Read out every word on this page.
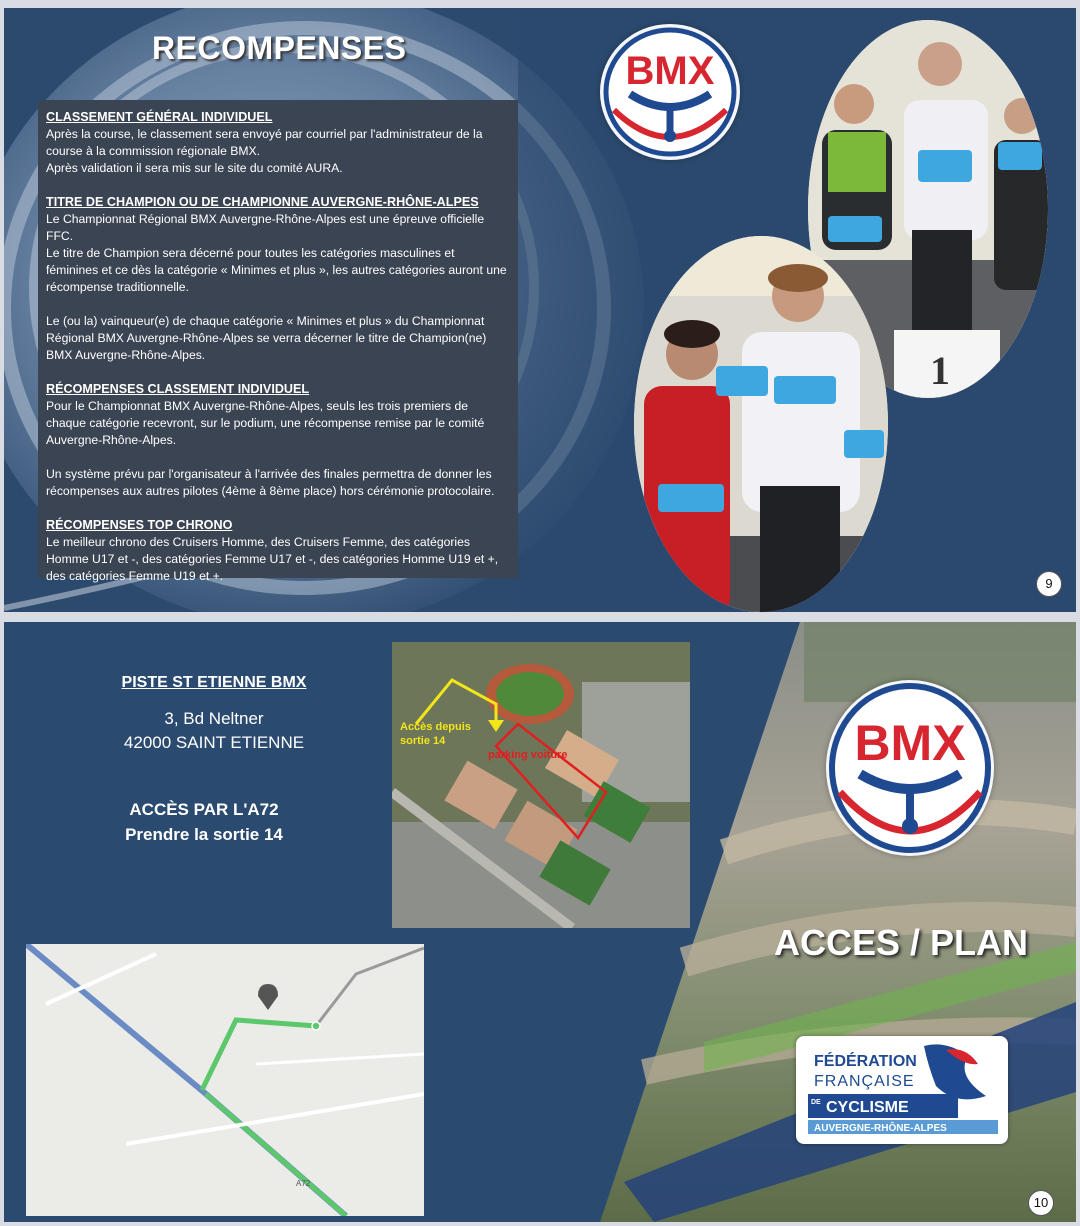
RECOMPENSES
CLASSEMENT GÉNÉRAL INDIVIDUEL

Après la course, le classement sera envoyé par courriel par l'administrateur de la course à la commission régionale BMX.

Après validation il sera mis sur le site du comité AURA.

TITRE DE CHAMPION OU DE CHAMPIONNE AUVERGNE-RHÔNE-ALPES

Le Championnat Régional BMX Auvergne-Rhône-Alpes est une épreuve officielle FFC.

Le titre de Champion sera décerné pour toutes les catégories masculines et féminines et ce dès la catégorie « Minimes et plus », les autres catégories auront une récompense traditionnelle.

Le (ou la) vainqueur(e) de chaque catégorie « Minimes et plus » du Championnat Régional BMX Auvergne-Rhône-Alpes se verra décerner le titre de Champion(ne) BMX Auvergne-Rhône-Alpes.

RÉCOMPENSES CLASSEMENT INDIVIDUEL

Pour le Championnat BMX Auvergne-Rhône-Alpes, seuls les trois premiers de chaque catégorie recevront, sur le podium, une récompense remise par le comité Auvergne-Rhône-Alpes.

Un système prévu par l'organisateur à l'arrivée des finales permettra de donner les récompenses aux autres pilotes (4ème à 8ème place) hors cérémonie protocolaire.

RÉCOMPENSES TOP CHRONO

Le meilleur chrono des Cruisers Homme, des Cruisers Femme, des catégories Homme U17 et -, des catégories Femme U17 et -, des catégories Homme U19 et +, des catégories Femme U19 et +.

BMX
1
9
PISTE ST ETIENNE BMX
3, Bd Neltner
42000 SAINT ETIENNE
ACCÈS PAR L'A72
Prendre la sortie 14
Accès depuis
sortie 14
parking voiture
A72
BMX
ACCES / PLAN
FÉDÉRATION
FRANÇAISE
DE CYCLISME
AUVERGNE-RHÔNE-ALPES
10
